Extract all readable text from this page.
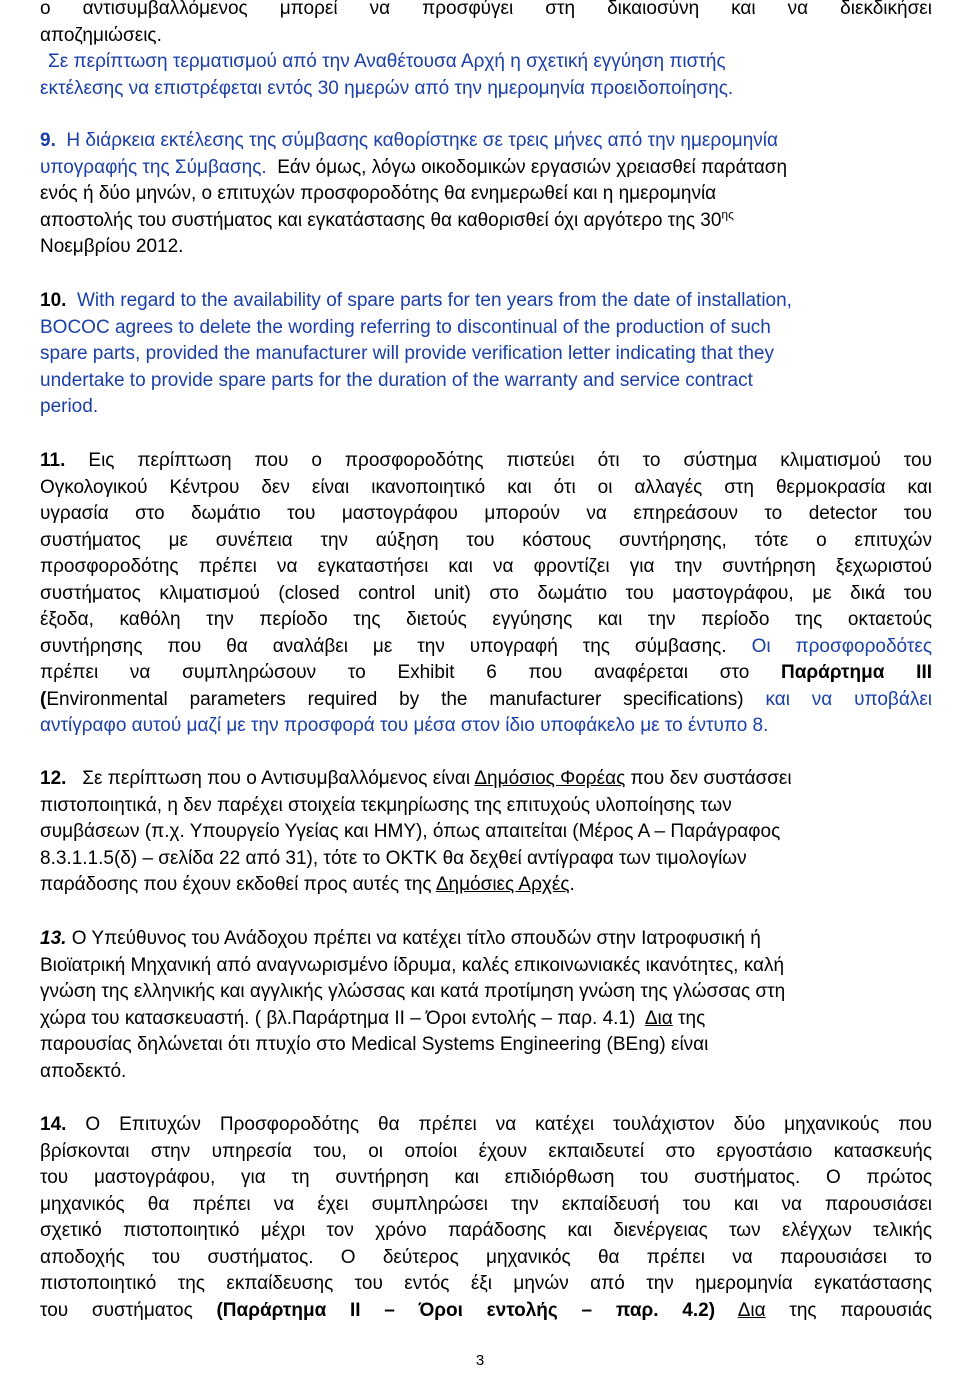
ο αντισυμβαλλόμενος μπορεί να προσφύγει στη δικαιοσύνη και να διεκδικήσει
αποζημιώσεις.
Σε περίπτωση τερματισμού από την Αναθέτουσα Αρχή η σχετική εγγύηση πιστής
εκτέλεσης να επιστρέφεται εντός 30 ημερών από την ημερομηνία προειδοποίησης.
9. Η διάρκεια εκτέλεσης της σύμβασης καθορίστηκε σε τρεις μήνες από την ημερομηνία
υπογραφής της Σύμβασης. Εάν όμως, λόγω οικοδομικών εργασιών χρειασθεί παράταση
ενός ή δύο μηνών, ο επιτυχών προσφοροδότης θα ενημερωθεί και η ημερομηνία
αποστολής του συστήματος και εγκατάστασης θα καθορισθεί όχι αργότερο της $30^{\eta\varsigma}$
Νοεμβρίου 2012.
10. With regard to the availability of spare parts for ten years from the date of installation,
BOCOC agrees to delete the wording referring to discontinual of the production of such
spare parts, provided the manufacturer will provide verification letter indicating that they
undertake to provide spare parts for the duration of the warranty and service contract
period.
11. Εις περίπτωση που ο προσφοροδότης πιστεύει ότι το σύστημα κλιματισμού του
Ογκολογικού Κέντρου δεν είναι ικανοποιητικό και ότι οι αλλαγές στη θερμοκρασία και
υγρασία στο δωμάτιο του μαστογράφου μπορούν να επηρεάσουν το detector του
συστήματος με συνέπεια την αύξηση του κόστους συντήρησης, τότε ο επιτυχών
προσφοροδότης πρέπει να εγκαταστήσει και να φροντίζει για την συντήρηση ξεχωριστού
συστήματος κλιματισμού (closed control unit) στο δωμάτιο του μαστογράφου, με δικά του
έξοδα, καθόλη την περίοδο της διετούς εγγύησης και την περίοδο της οκταετούς
συντήρησης που θα αναλάβει με την υπογραφή της σύμβασης. Οι προσφοροδότες
πρέπει να συμπληρώσουν το Exhibit 6 που αναφέρεται στο Παράρτημα ΙΙΙ
(Environmental parameters required by the manufacturer specifications) και να υποβάλει
αντίγραφο αυτού μαζί με την προσφορά του μέσα στον ίδιο υποφάκελο με το έντυπο 8.
12. Σε περίπτωση που ο Αντισυμβαλλόμενος είναι Δημόσιος Φορέας που δεν συστάσσει
πιστοποιητικά, η δεν παρέχει στοιχεία τεκμηρίωσης της επιτυχούς υλοποίησης των
συμβάσεων (π.χ. Υπουργείο Υγείας και ΗΜΥ), όπως απαιτείται (Μέρος Α – Παράγραφος
8.3.1.1.5(δ) – σελίδα 22 από 31), τότε το ΟΚΤΚ θα δεχθεί αντίγραφα των τιμολογίων
παράδοσης που έχουν εκδοθεί προς αυτές της Δημόσιες Αρχές.
13. Ο Υπεύθυνος του Ανάδοχου πρέπει να κατέχει τίτλο σπουδών στην Ιατροφυσική ή
Βιοϊατρική Μηχανική από αναγνωρισμένο ίδρυμα, καλές επικοινωνιακές ικανότητες, καλή
γνώση της ελληνικής και αγγλικής γλώσσας και κατά προτίμηση γνώση της γλώσσας στη
χώρα του κατασκευαστή. ( βλ.Παράρτημα ΙΙ – Όροι εντολής – παρ. 4.1) Δια της
παρουσίας δηλώνεται ότι πτυχίο στο Medical Systems Engineering (BEng) είναι
αποδεκτό.
14. Ο Επιτυχών Προσφοροδότης θα πρέπει να κατέχει τουλάχιστον δύο μηχανικούς που
βρίσκονται στην υπηρεσία του, οι οποίοι έχουν εκπαιδευτεί στο εργοστάσιο κατασκευής
του μαστογράφου, για τη συντήρηση και επιδιόρθωση του συστήματος. Ο πρώτος
μηχανικός θα πρέπει να έχει συμπληρώσει την εκπαίδευσή του και να παρουσιάσει
σχετικό πιστοποιητικό μέχρι τον χρόνο παράδοσης και διενέργειας των ελέγχων τελικής
αποδοχής του συστήματος. Ο δεύτερος μηχανικός θα πρέπει να παρουσιάσει το
πιστοποιητικό της εκπαίδευσης του εντός έξι μηνών από την ημερομηνία εγκατάστασης
του συστήματος (Παράρτημα ΙΙ – Όροι εντολής – παρ. 4.2) Δια της παρουσιάς
3
